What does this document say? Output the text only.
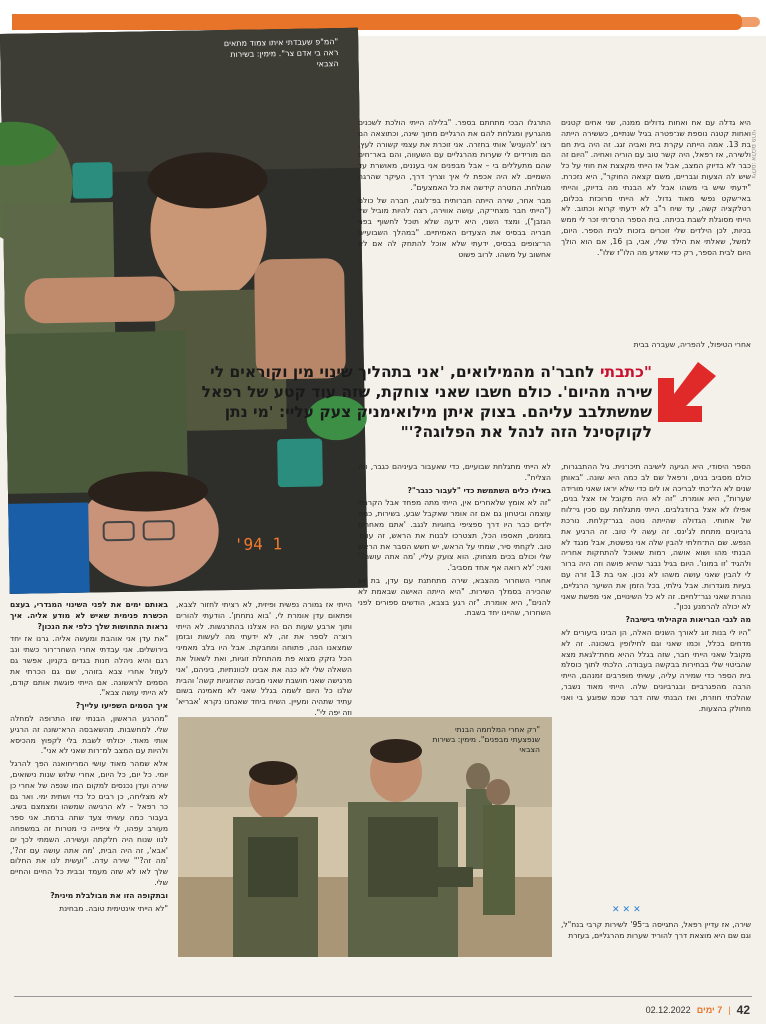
'94 1
"המ"פ שעבדתי איתו צמוד מתאים ראה בי אדם צר". מימין: בשירות הצבאי
צילום: אלבום פרטי

היא גדלה עם אח ואחות גדולים ממנה, שני אחים קטנים ואחות קטנה נוספת שנ־פטרה בגיל שנתיים, כששירה הייתה בת 13. אמה הייתה עקרת בית ואביה זגג. זה היה בית חם ולשירה, אז רפאל, היה קשר טוב עם הוריה ואחיה. "היום זה כבר לא בדיוק המצב, אבל אז הייתי מקצצת את חוזי על כל שיש לה הצעות וגבריים, משם קצאה החוקר", היא נזכרת. "ידעתי שיש בי משהו אבל לא הבנתי מה בדיוק, והייתי באי־שקט נפשי מאוד גדול. לא הייתי מרוכזת בכלום, רטלקציה קשה, עד שיח ר"ב לא ידעתי קרוא וכתוב. לא הייתי מסוגלת לשבת בכיתה. בית הספר הרס־תי זכר לי ממש בכיות, לכן הילדים שלי זוכרים בזכות לבית הספר. היום, למשל, שאלתי את הילד שלי, אבי, בן 16, אם הוא הולך היום לבית הספר, רק כדי שאדע מה הלו"ז שלו".

אחרי הטיפול, להפריה, שעברה בבית

התרגלו הבכי מתחתם בספר. "בלילה הייתי הולכת לשכנים מהגרעין ומגלחת להם את הרגליים מתוך שינה, וכתוצאה הם רצו 'להעניש' אותי בחזרה. אני זוכרת את עצמי קשורה לעץ, הם מורידים לי שערות מהרגליים עם השעווה, והם באר־חים שהם מתעללים בי – אבל מבפנים אני בעננים, מאושרת עד השמיים. לא היה אכפת לי איך וצריך דרך, העיקר שהרגה מגולחת. המטרה קידשה את כל האמצעים".

מבר אחר, שירה הייתה חברותית בפ־לוגה, חברה של כולם ("הייתי חבר מצחי־קה, עושה אווירה, רצה להיות מוביל של הגזבן"), ומצד השני, היא ידעה שלא תוכל לחשוף בפני חבריה בבסיס את הצעדים האמיתיים. "במהלך השבועיים הר־צופים בבסיס, ידעתי שלא אוכל להתחק לה אם לא אחשוב על משהו. לרוב פשוט

"כתבתי לחבר'ה מהמילואים, 'אני בתהליך שינוי מין וקוראים לי שירה מהיום'. כולם חשבו שאני צוחקת, שזה עוד קטע של רפאל שמשתלבב עליהם. בצוק איתן מילואימניק צעק עליי: 'מי נתן לקוקסינל הזה לנהל את הפלוגה?'"

הספר היסודי, היא הגיעה לישיבה תיכו־נית. גיל ההתבגרות, כולם מסביב בנים, ורפאל שם לב כמה היא שונה. "באותן שנים לא הל־כתי לבריכה או לים כדי שלא יראו שאני מורידה שערות", היא אומרת. "זה לא היה מקובל אז אצל בנים, אפילו לא אצל ברודגלבים. הייתי מתגלחת עם סכין גי־לוח של אחותי. הגדולה שהייתה נוטה בגר־קלחת. נורכת גרביונים מתחת לג'ינס. זה עשה לי טוב. זה הרגיע את הנפש. שם הת־חלתי להבין שלה אני נפשטת, אבל מנגד לא הבנתי מהו ושוא אושה, רמות שאוכל להתחקות אחריה ולהגיד 'זו במונו'. היום בגיל נבגר שהיא פושה וזה היה ברור לי להבין שאני עושה משהו לא נכון. אני בת 13 זרה עם בעיות מוגדרות. אבל גילתי, בכל הזמן את השיער הרגליים, נוהרת שאני נגר־לחיים. זה לא כל השינויים, אני מפשת שאני לא יכולה להרמנע נכון".

מה לגבי הבריאות הקהילתי בישיבה?

"היו לי בנות זוג לאורך השנים האלה, הן הבינו ביעורים לא מדחים בכלל, וכמו שאני וגם לחילופין בשכונה. זה לא מקובל שאני הייתי חבר, שזה בגלל ההיא מחת־לגאת מצא שהביטוי שלי בבחירות בבקשה בעבודה. הלכתי לתוך כוסלמ בית הספר כדי שמירה עליה, עשיתי מופרבים זמנהם, הייתי הרבה מהפגרביים ובגרביונים שלה. הייתי מאוד נשבר, שהלכתי חוזרת, ואז הבנתי שזה דבר שכמ שפוגע בי ואני מחולק בהצעות.

✕✕✕

שירה, אז עדיין רפאל, התגייסה ב־95' לשירות קרבי בנח"ל, וגם שם היא מוצאת דרך להוריד שערות מהרגליים, בעזרת

לא הייתי מתגלחת שבועיים, כדי שאעבור בעיניהם כגבר, וזה הצליח".

באילו כלים השתמשת כדי "לעבור כגבר"?

"זה לא אומץ שלאחרים אין, הייתי מתה מפחד אבל הקרנתי עוצמה וביטחון גם אם זה אומר שאקבל שבע. בשירות, כמה ילדים כבר היו דרך ספציפי בחוגיות לנגב. 'אתם מאחרים בזמנים, תאספו הכל, תצטרכו לבנות את הראש, זה עובד טוב. לקחתי סיר, שמתי על הראש, יש חשש הסבר את הראש שלי וכולם בכים מצחוק. הוא צועק עליי, 'מה אתה עושה?' ואני: 'לא רואה אף אחד מסביב'.

אחרי השחרור מהצבא, שירה מתחתנת עם עדן, בת זוג שהכירה בסמלך השירות. "היא הייתה האישה שבאמת לא להנים", היא אומרת. "זה רגע בצבא, הודשים ספורים לפני השחרור, שהיינו יחד בשבת.

הייתי אז גמורה נפשית ופיזית, לא רציתי לחזור לצבא, ופתאום עדן אומרת לי, 'בוא נתחתן'. הודעתי להורים ותוך ארבע שעות הם היו אצלנו בהתרגשות. לא הייתי רוצ־ה לספר את זה, לא ידעתי מה לעשות ובזמן שמצאנו הנה, פתוחה ומחבקת. אבל היו בלב מאמיני הכל נזקק מצוא פת מהתחלת זוגיות, ואת לשאול את השאלה שלי לא כנה את אבינו לכוונתיות, ביניהם, 'אני מרגישה שאני חושבת שאני מבינה שהזוגיות קשה' והבית שלנו כל היום לשמה בגלל שאני לא מאמינה בשום עתיד שתהיה ומעיין. השיח ביחד שאנחנו נקרא 'אבריא' וזה יפה לי".

באותם ימים את לפני השינוי המגדרי, בעצם הכשרת פנימית שאיש לא מודע אליה. איך נראות התחושות שלך כלפי את הנכון?

"את עדן אני אוהבת ומעשה אליה. גרנו אז יחד בירושלים. אני עבדתי אחרי השחר־רור כשתי ונב רגם והיא ניהלה חנות בגדים בקניון. אפשר גם לעזול אחרי צבא בזוהר, שם גם הכרתי את הסמים לראשונה. אם הייתי פוגשת אותם קודם, לא הייתי עושה צבא".

איך הסמים השפיעו עלייך?

"מהרגע הראשון, הבנתי שזו התרופה למחלה שלי. למחשבות. מהשאבסה הרא־שונה זה הרגיע אותי מאוד. יכולתי לשבת בלי לקפוץ מהכיסא ולהיות עם המצב למ־רות שאני לא אני".

אלא שמהר מאוד עושי המריחואנה הפך להרגל יומי. כל יום, כל היום, אחרי שלוש שנות נישואים, שירה ועדן נכנסים למקום המו שנפה של אחרי כן לא מצליחה, כן רבים כל כדי ושתית ימי. ואר גם כר רפאל – לא הרגישה שמשהו ומצמצם בשיג. בעבור כמה עשיתי צעד שתה ברמת. אני ספר מעורב עפהו, לי ציפייה כי מטרות זה במשפחה לנוו שנוח היה חלקתה ועשירה. השמתי לכך ים 'אבא', זה היה הבית, 'מה אתה עושה עם זה?', 'מה זה?'" שירה עדה. "ועשית לנו את החלום שלך לאו לא שזה מעמד ובבית כל החיים והחיים שלי.

ובתקופה הזו את מבולבלת מינית?

"לא הייתי אינטימית טובה. מבחינת

"רק אחרי המלחמה הבנתי שנפצעתי מבפנים". מימין: בשירות הצבאי
02.12.2022 7 ימים | 42
